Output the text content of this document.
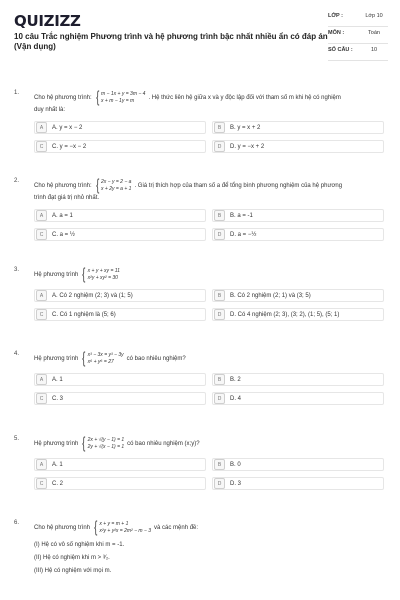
QUIZIZZ
10 câu Trắc nghiệm Phương trình và hệ phương trình bậc nhất nhiều ẩn có đáp án (Vận dụng)
LỚP :	Lớp 10
MÔN :	Toán
SỐ CÂU :	10
1.
Cho hệ phương trình: { m − 1x + y = 3m − 4
x + m − 1y = m
. Hệ thức liên hệ giữa x và y độc lập đối với tham số m khi hệ có nghiệm
duy nhất là:
A	A. y = x − 2	B	B. y = x + 2
C	C. y = −x − 2	D	D. y = −x + 2
2.
Cho hệ phương trình: { 2x − y = 2 − a
x + 2y = a + 1
. Giá trị thích hợp của tham số a để tổng bình phương nghiệm của hệ phương
trình đạt giá trị nhỏ nhất.
A	A. a = 1	B	B. a = -1
C	C. a = ½	D	D. a = −½
3.
Hệ phương trình { x + y + xy = 11
x²y + xy² = 30
A	A. Có 2 nghiệm (2; 3) và (1; 5)	B	B. Có 2 nghiệm (2; 1) và (3; 5)
C	C. Có 1 nghiệm là (5; 6)	D	D. Có 4 nghiệm (2; 3), (3; 2), (1; 5), (5; 1)
4.
Hệ phương trình { x³ − 3x = y³ − 3y
x⁶ + y⁶ = 27
có bao nhiêu nghiệm?
A	A. 1	B	B. 2
C	C. 3	D	D. 4
5.
Hệ phương trình { 2x + √(y − 1) = 1
2y + √(x − 1) = 1
có bao nhiêu nghiệm (x;y)?
A	A. 1	B	B. 0
C	C. 2	D	D. 3
6.
Cho hệ phương trình { x + y = m + 1
x²y + y²x = 2m² − m − 3
và các mệnh đề:
(I) Hệ có vô số nghiệm khi m = -1.
(II) Hệ có nghiệm khi m > ³⁄₂.
(III) Hệ có nghiệm với mọi m.
